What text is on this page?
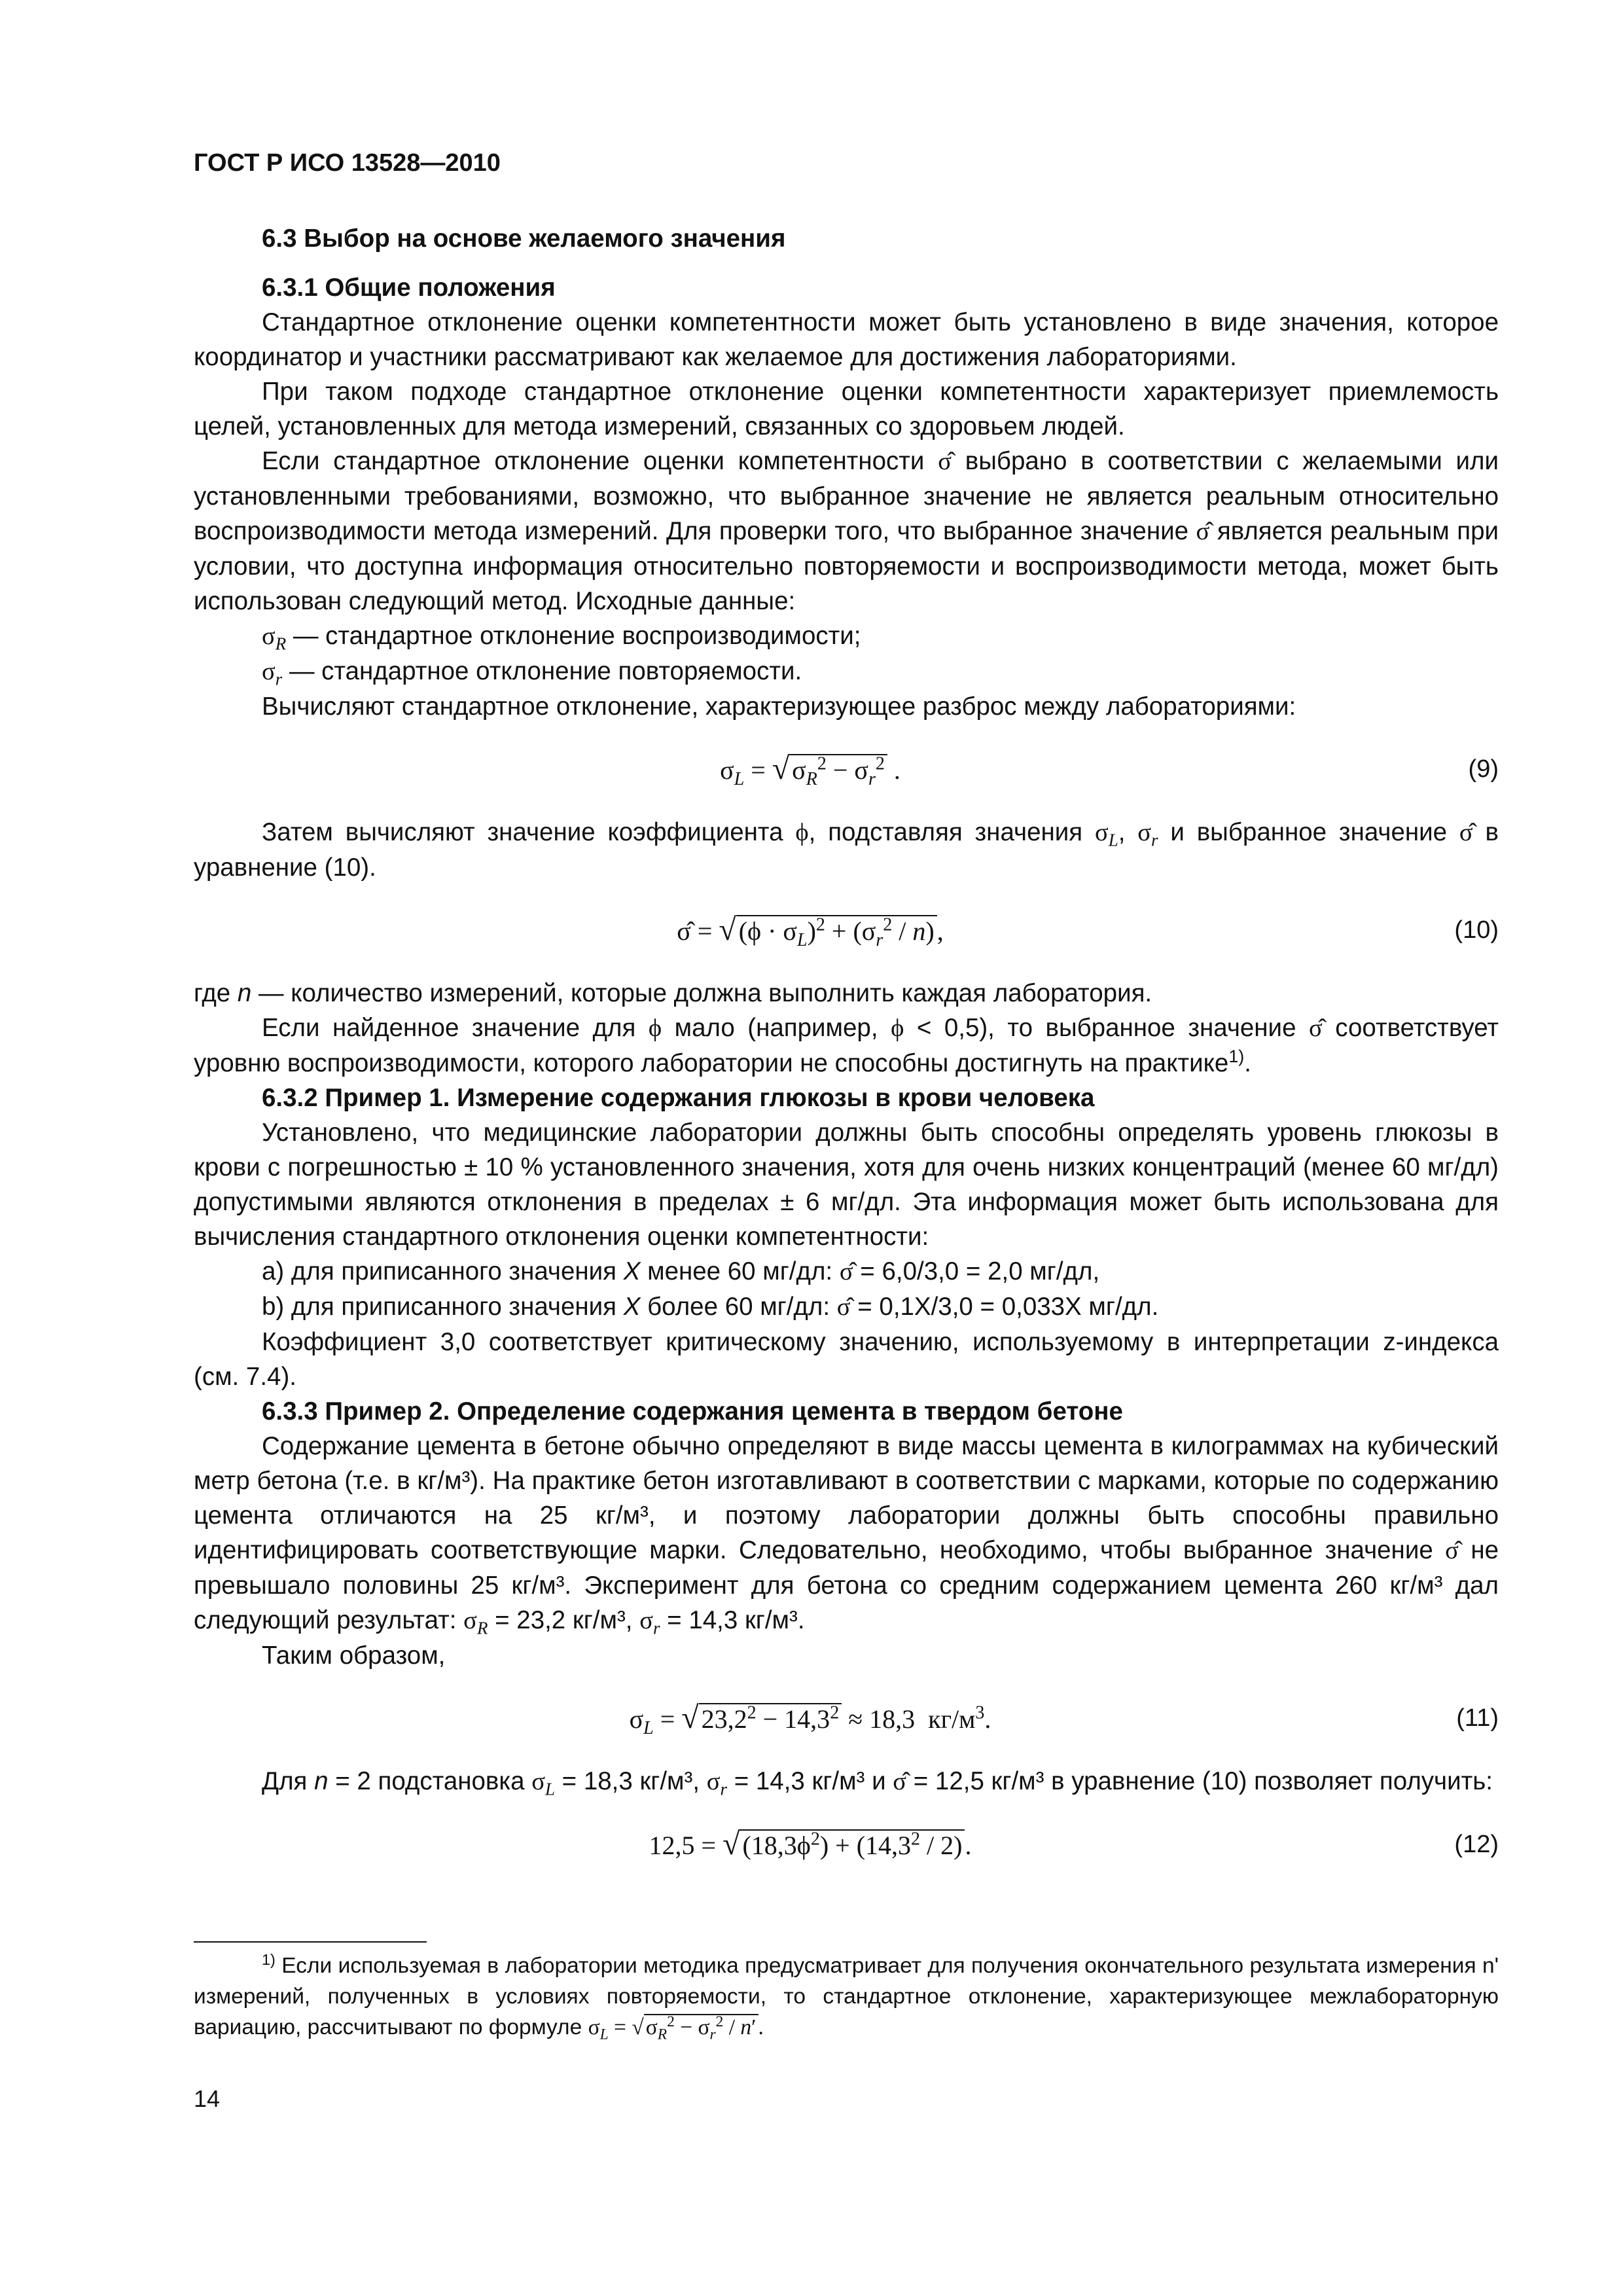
ГОСТ Р ИСО 13528—2010

6.3 Выбор на основе желаемого значения

6.3.1 Общие положения

Стандартное отклонение оценки компетентности может быть установлено в виде значения, которое координатор и участники рассматривают как желаемое для достижения лабораториями.

При таком подходе стандартное отклонение оценки компетентности характеризует приемлемость целей, установленных для метода измерений, связанных со здоровьем людей.

Если стандартное отклонение оценки компетентности σ̂ выбрано в соответствии с желаемыми или установленными требованиями, возможно, что выбранное значение не является реальным относительно воспроизводимости метода измерений. Для проверки того, что выбранное значение σ̂ является реальным при условии, что доступна информация относительно повторяемости и воспроизводимости метода, может быть использован следующий метод. Исходные данные:

$\sigma_R$ — стандартное отклонение воспроизводимости;

$\sigma_r$ — стандартное отклонение повторяемости.

Вычисляют стандартное отклонение, характеризующее разброс между лабораториями:

$\sigma_L$ = √ $\sigma_R^2 - \sigma_r^2$ .	(9)

Затем вычисляют значение коэффициента ϕ, подставляя значения $\sigma_L$, $\sigma_r$ и выбранное значение σ̂ в уравнение (10).

σ̂ = √ $(\phi \cdot \sigma_L)^2 + (\sigma_r^2 / n)$ ,	(10)

где n — количество измерений, которые должна выполнить каждая лаборатория.

Если найденное значение для ϕ мало (например, ϕ < 0,5), то выбранное значение σ̂ соответствует уровню воспроизводимости, которого лаборатории не способны достигнуть на практике$^{1)}$.

6.3.2 Пример 1. Измерение содержания глюкозы в крови человека

Установлено, что медицинские лаборатории должны быть способны определять уровень глюкозы в крови с погрешностью ± 10 % установленного значения, хотя для очень низких концентраций (менее 60 мг/дл) допустимыми являются отклонения в пределах ± 6 мг/дл. Эта информация может быть использована для вычисления стандартного отклонения оценки компетентности:

a) для приписанного значения X менее 60 мг/дл: σ̂ = 6,0/3,0 = 2,0 мг/дл,

b) для приписанного значения X более 60 мг/дл: σ̂ = 0,1X/3,0 = 0,033X мг/дл.

Коэффициент 3,0 соответствует критическому значению, используемому в интерпретации z-индекса (см. 7.4).

6.3.3 Пример 2. Определение содержания цемента в твердом бетоне

Содержание цемента в бетоне обычно определяют в виде массы цемента в килограммах на кубический метр бетона (т.е. в кг/м³). На практике бетон изготавливают в соответствии с марками, которые по содержанию цемента отличаются на 25 кг/м³, и поэтому лаборатории должны быть способны правильно идентифицировать соответствующие марки. Следовательно, необходимо, чтобы выбранное значение σ̂ не превышало половины 25 кг/м³. Эксперимент для бетона со средним содержанием цемента 260 кг/м³ дал следующий результат: $\sigma_R = 23,2$ кг/м³, $\sigma_r = 14,3$ кг/м³.

Таким образом,

$\sigma_L$ = √ $23,2^2 - 14,3^2 \approx 18,3$  $кг/м^3$.	(11)

Для n = 2 подстановка $\sigma_L = 18,3$ кг/м³, $\sigma_r = 14,3$ кг/м³ и σ̂ = 12,5 кг/м³ в уравнение (10) позволяет получить:

12,5 = √ $(18,3\phi^2) + (14,3^2 / 2)$ .	(12)
$^{1)}$ Если используемая в лаборатории методика предусматривает для получения окончательного результата измерения n' измерений, полученных в условиях повторяемости, то стандартное отклонение, характеризующее межлабораторную вариацию, рассчитывают по формуле $\sigma_L = √\sigma_R^2 - \sigma_r^2 / n'$.
14
